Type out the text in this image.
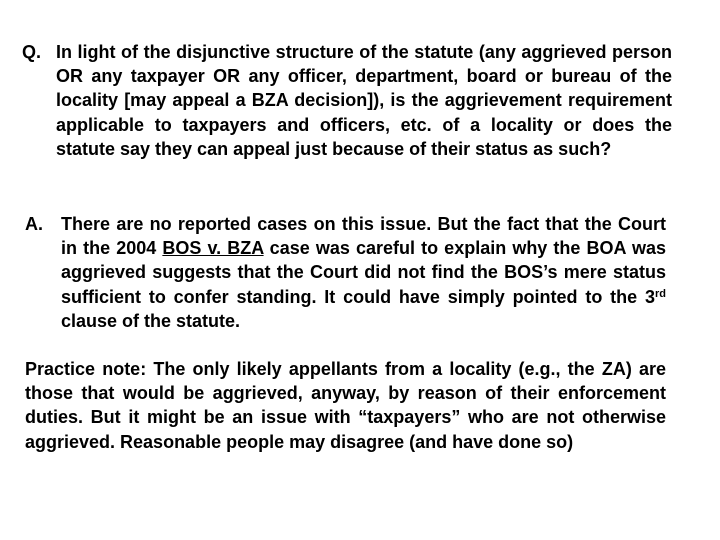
Q. In light of the disjunctive structure of the statute (any aggrieved person OR any taxpayer OR any officer, department, board or bureau of the locality [may appeal a BZA decision]), is the aggrievement requirement applicable to taxpayers and officers, etc. of a locality or does the statute say they can appeal just because of their status as such?
A. There are no reported cases on this issue. But the fact that the Court in the 2004 BOS v. BZA case was careful to explain why the BOA was aggrieved suggests that the Court did not find the BOS’s mere status sufficient to confer standing. It could have simply pointed to the 3rd clause of the statute.
Practice note: The only likely appellants from a locality (e.g., the ZA) are those that would be aggrieved, anyway, by reason of their enforcement duties. But it might be an issue with “taxpayers” who are not otherwise aggrieved. Reasonable people may disagree (and have done so)
